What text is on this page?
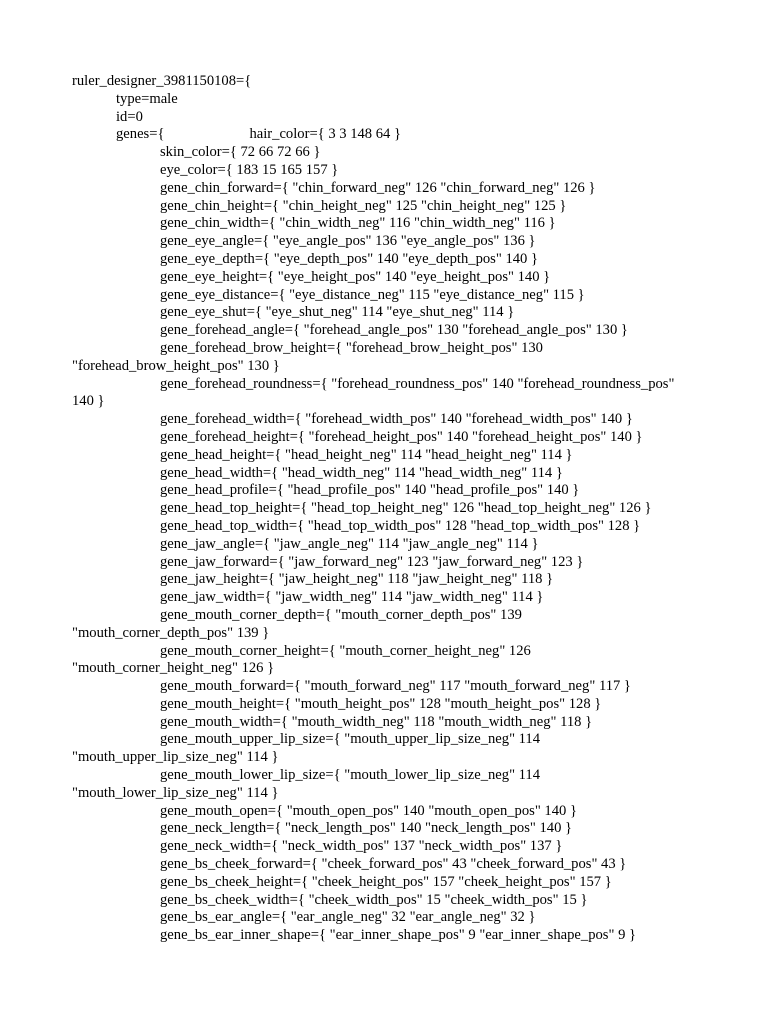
ruler_designer_3981150108={
type=male
id=0
genes={	hair_color={ 3 3 148 64 }
skin_color={ 72 66 72 66 }
eye_color={ 183 15 165 157 }
gene_chin_forward={ "chin_forward_neg" 126 "chin_forward_neg" 126 }
gene_chin_height={ "chin_height_neg" 125 "chin_height_neg" 125 }
gene_chin_width={ "chin_width_neg" 116 "chin_width_neg" 116 }
gene_eye_angle={ "eye_angle_pos" 136 "eye_angle_pos" 136 }
gene_eye_depth={ "eye_depth_pos" 140 "eye_depth_pos" 140 }
gene_eye_height={ "eye_height_pos" 140 "eye_height_pos" 140 }
gene_eye_distance={ "eye_distance_neg" 115 "eye_distance_neg" 115 }
gene_eye_shut={ "eye_shut_neg" 114 "eye_shut_neg" 114 }
gene_forehead_angle={ "forehead_angle_pos" 130 "forehead_angle_pos" 130 }
gene_forehead_brow_height={ "forehead_brow_height_pos" 130
"forehead_brow_height_pos" 130 }
gene_forehead_roundness={ "forehead_roundness_pos" 140 "forehead_roundness_pos"
140 }
gene_forehead_width={ "forehead_width_pos" 140 "forehead_width_pos" 140 }
gene_forehead_height={ "forehead_height_pos" 140 "forehead_height_pos" 140 }
gene_head_height={ "head_height_neg" 114 "head_height_neg" 114 }
gene_head_width={ "head_width_neg" 114 "head_width_neg" 114 }
gene_head_profile={ "head_profile_pos" 140 "head_profile_pos" 140 }
gene_head_top_height={ "head_top_height_neg" 126 "head_top_height_neg" 126 }
gene_head_top_width={ "head_top_width_pos" 128 "head_top_width_pos" 128 }
gene_jaw_angle={ "jaw_angle_neg" 114 "jaw_angle_neg" 114 }
gene_jaw_forward={ "jaw_forward_neg" 123 "jaw_forward_neg" 123 }
gene_jaw_height={ "jaw_height_neg" 118 "jaw_height_neg" 118 }
gene_jaw_width={ "jaw_width_neg" 114 "jaw_width_neg" 114 }
gene_mouth_corner_depth={ "mouth_corner_depth_pos" 139
"mouth_corner_depth_pos" 139 }
gene_mouth_corner_height={ "mouth_corner_height_neg" 126
"mouth_corner_height_neg" 126 }
gene_mouth_forward={ "mouth_forward_neg" 117 "mouth_forward_neg" 117 }
gene_mouth_height={ "mouth_height_pos" 128 "mouth_height_pos" 128 }
gene_mouth_width={ "mouth_width_neg" 118 "mouth_width_neg" 118 }
gene_mouth_upper_lip_size={ "mouth_upper_lip_size_neg" 114
"mouth_upper_lip_size_neg" 114 }
gene_mouth_lower_lip_size={ "mouth_lower_lip_size_neg" 114
"mouth_lower_lip_size_neg" 114 }
gene_mouth_open={ "mouth_open_pos" 140 "mouth_open_pos" 140 }
gene_neck_length={ "neck_length_pos" 140 "neck_length_pos" 140 }
gene_neck_width={ "neck_width_pos" 137 "neck_width_pos" 137 }
gene_bs_cheek_forward={ "cheek_forward_pos" 43 "cheek_forward_pos" 43 }
gene_bs_cheek_height={ "cheek_height_pos" 157 "cheek_height_pos" 157 }
gene_bs_cheek_width={ "cheek_width_pos" 15 "cheek_width_pos" 15 }
gene_bs_ear_angle={ "ear_angle_neg" 32 "ear_angle_neg" 32 }
gene_bs_ear_inner_shape={ "ear_inner_shape_pos" 9 "ear_inner_shape_pos" 9 }
